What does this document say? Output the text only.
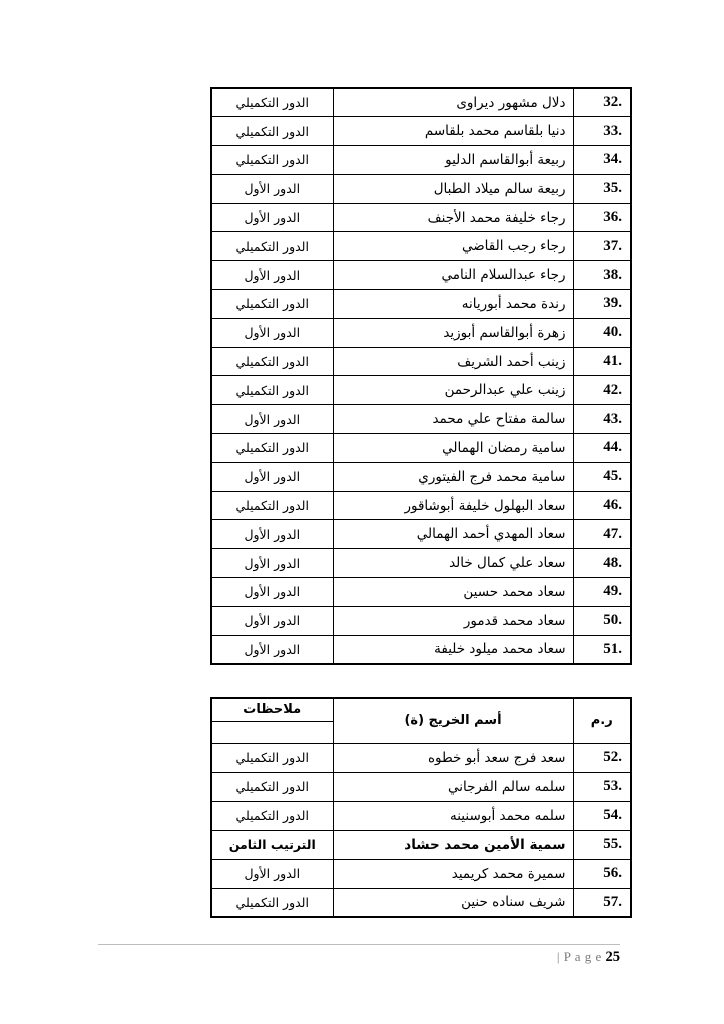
الدور التكميلي	دلال مشهور ديراوى	32.
الدور التكميلي	دنيا بلقاسم محمد بلقاسم	33.
الدور التكميلي	ربيعة أبوالقاسم الدليو	34.
الدور الأول	ربيعة سالم ميلاد الطبال	35.
الدور الأول	رجاء خليفة محمد الأجنف	36.
الدور التكميلي	رجاء رجب القاضي	37.
الدور الأول	رجاء عبدالسلام النامي	38.
الدور التكميلي	رندة محمد أبوريانه	39.
الدور الأول	زهرة أبوالقاسم أبوزيد	40.
الدور التكميلي	زينب أحمد الشريف	41.
الدور التكميلي	زينب علي عبدالرحمن	42.
الدور الأول	سالمة مفتاح علي محمد	43.
الدور التكميلي	سامية رمضان الهمالي	44.
الدور الأول	سامية محمد فرج الفيتوري	45.
الدور التكميلي	سعاد البهلول خليفة أبوشاقور	46.
الدور الأول	سعاد المهدي أحمد الهمالي	47.
الدور الأول	سعاد علي كمال خالد	48.
الدور الأول	سعاد محمد حسين	49.
الدور الأول	سعاد محمد قدمور	50.
الدور الأول	سعاد محمد ميلود خليفة	51.
ملاحظات	أسم الخريج (ة)	ر.م

الدور التكميلي	سعد فرج سعد أبو خطوه	52.
الدور التكميلي	سلمه سالم الفرجاني	53.
الدور التكميلي	سلمه محمد أبوسنينه	54.
الترتيب الثامن	سمية الأمين محمد حشاد	55.
الدور الأول	سميرة محمد كريميد	56.
الدور التكميلي	شريف سناده حنين	57.
| P a g e 25
